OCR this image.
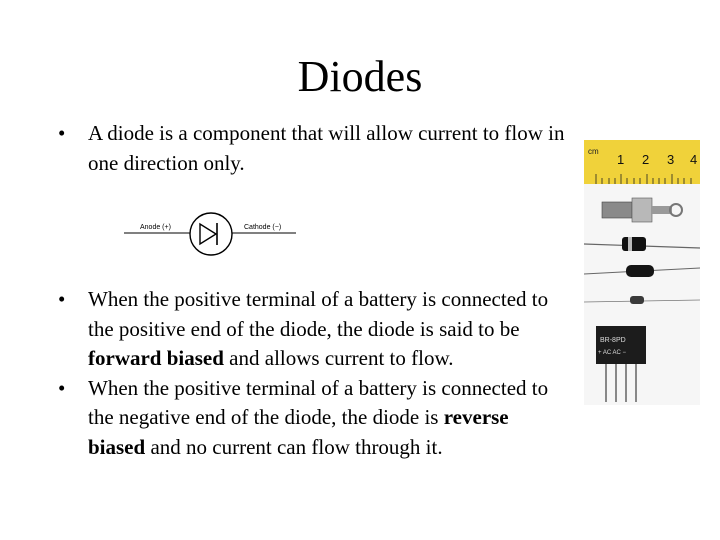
Diodes
• A diode is a component that will allow current to flow in one direction only.
Anode (+)	Cathode (−)
• When the positive terminal of a battery is connected to the positive end of the diode, the diode is said to be forward biased and allows current to flow.
• When the positive terminal of a battery is connected to the negative end of the diode, the diode is reverse biased and no current can flow through it.
cm
1 2 3 4
BR-8PD
+ AC AC −
